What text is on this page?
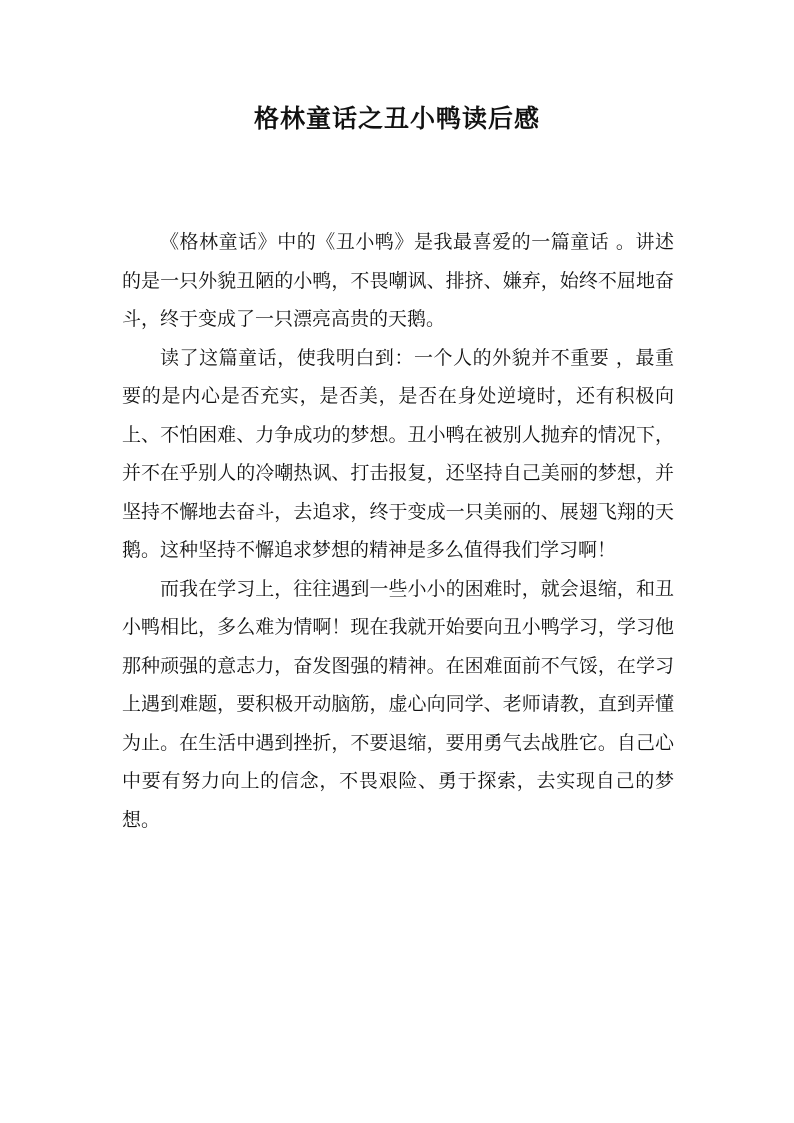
格林童话之丑小鸭读后感

《格林童话》中的《丑小鸭》是我最喜爱的一篇童话 。讲述的是一只外貌丑陋的小鸭，不畏嘲讽、排挤、嫌弃，始终不屈地奋斗，终于变成了一只漂亮高贵的天鹅。

读了这篇童话，使我明白到：一个人的外貌并不重要 ，最重要的是内心是否充实，是否美，是否在身处逆境时，还有积极向上、不怕困难、力争成功的梦想。丑小鸭在被别人抛弃的情况下，并不在乎别人的冷嘲热讽、打击报复，还坚持自己美丽的梦想，并坚持不懈地去奋斗，去追求，终于变成一只美丽的、展翅飞翔的天鹅。这种坚持不懈追求梦想的精神是多么值得我们学习啊！

而我在学习上，往往遇到一些小小的困难时，就会退缩，和丑小鸭相比，多么难为情啊！现在我就开始要向丑小鸭学习，学习他那种顽强的意志力，奋发图强的精神。在困难面前不气馁，在学习上遇到难题，要积极开动脑筋，虚心向同学、老师请教，直到弄懂为止。在生活中遇到挫折，不要退缩，要用勇气去战胜它。自己心中要有努力向上的信念，不畏艰险、勇于探索，去实现自己的梦想。
